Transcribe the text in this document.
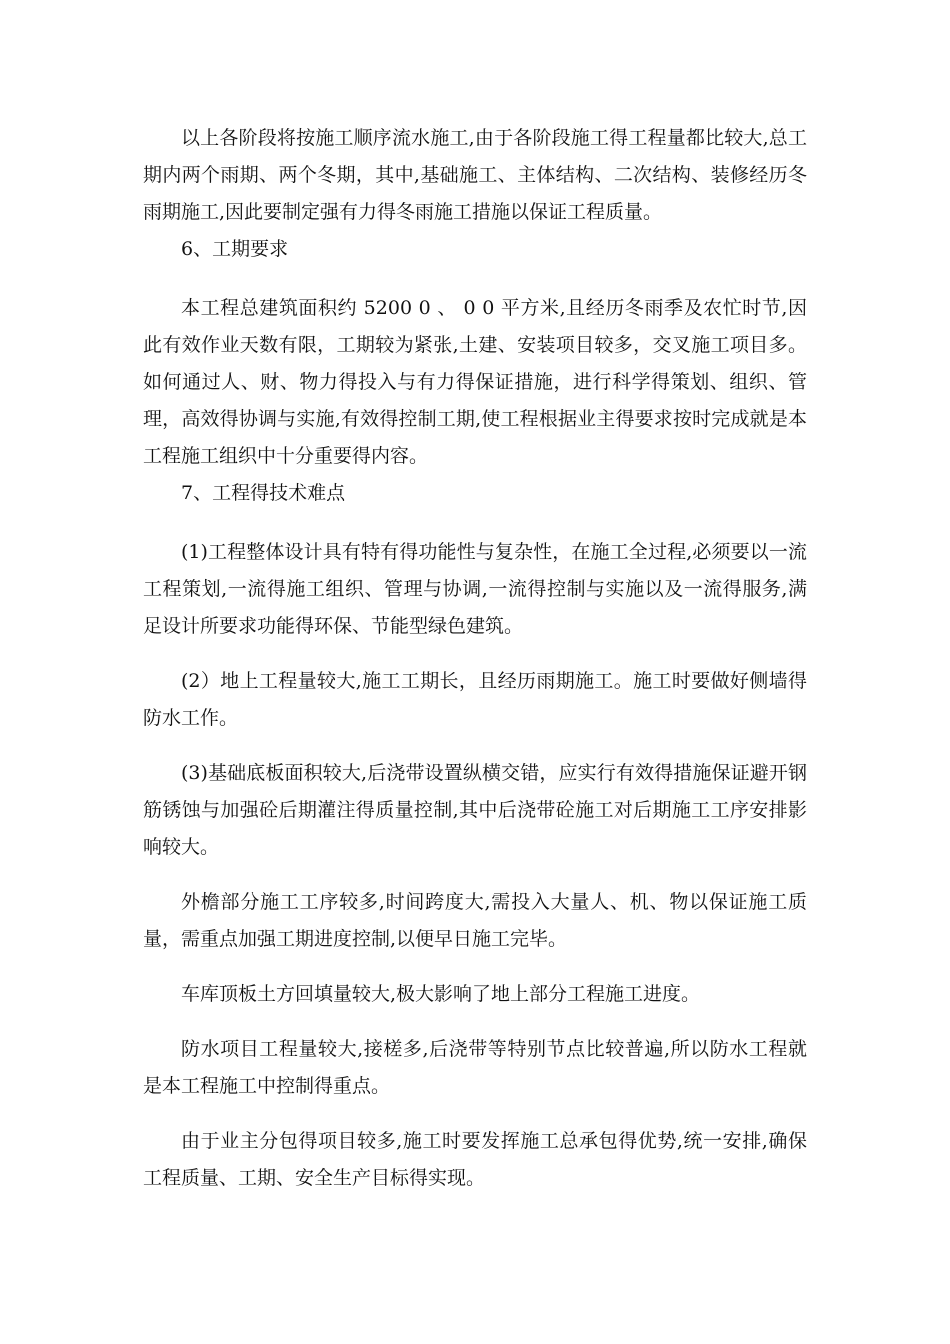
以上各阶段将按施工顺序流水施工,由于各阶段施工得工程量都比较大,总工期内两个雨期、两个冬期，其中,基础施工、主体结构、二次结构、装修经历冬雨期施工,因此要制定强有力得冬雨施工措施以保证工程质量。

6、工期要求

本工程总建筑面积约 5200 0 、 0 0 平方米,且经历冬雨季及农忙时节,因此有效作业天数有限，工期较为紧张,土建、安装项目较多，交叉施工项目多。如何通过人、财、物力得投入与有力得保证措施，进行科学得策划、组织、管理，高效得协调与实施,有效得控制工期,使工程根据业主得要求按时完成就是本工程施工组织中十分重要得内容。

7、工程得技术难点

(1)工程整体设计具有特有得功能性与复杂性，在施工全过程,必须要以一流工程策划,一流得施工组织、管理与协调,一流得控制与实施以及一流得服务,满足设计所要求功能得环保、节能型绿色建筑。

(2）地上工程量较大,施工工期长，且经历雨期施工。施工时要做好侧墙得防水工作。

(3)基础底板面积较大,后浇带设置纵横交错，应实行有效得措施保证避开钢筋锈蚀与加强砼后期灌注得质量控制,其中后浇带砼施工对后期施工工序安排影响较大。

外檐部分施工工序较多,时间跨度大,需投入大量人、机、物以保证施工质量，需重点加强工期进度控制,以便早日施工完毕。

车库顶板土方回填量较大,极大影响了地上部分工程施工进度。

防水项目工程量较大,接槎多,后浇带等特别节点比较普遍,所以防水工程就是本工程施工中控制得重点。

由于业主分包得项目较多,施工时要发挥施工总承包得优势,统一安排,确保工程质量、工期、安全生产目标得实现。
